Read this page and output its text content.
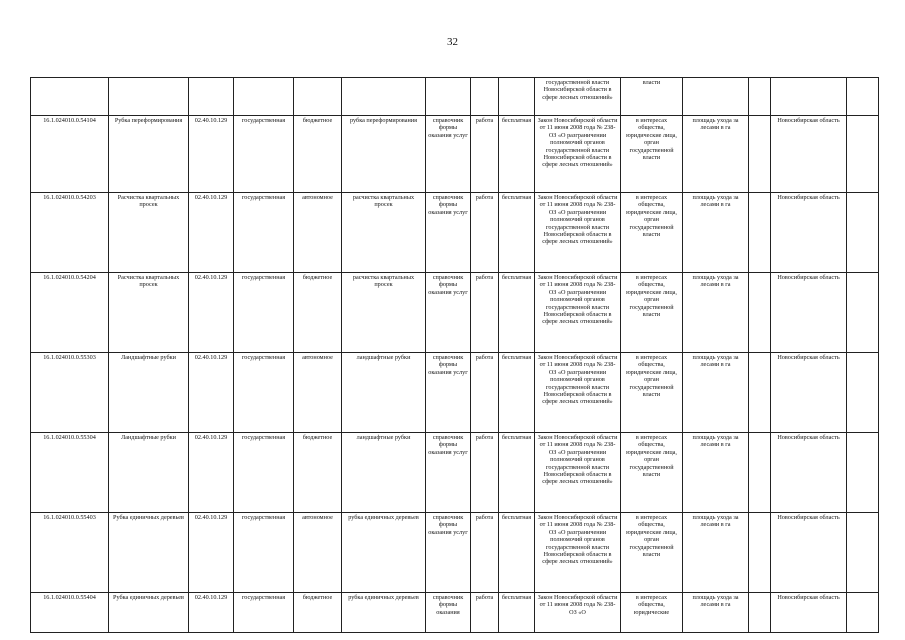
32
									государственной власти Новосибирской области в сфере лесных отношений»	власти				
16.1.024010.0.54104	Рубка переформирования	02.40.10.129	государственная	бюджетное	рубка переформирования	справочник формы оказания услуг	работа	бесплатная	Закон Новосибирской области от 11 июня 2008 года № 238-ОЗ «О разграничении полномочий органов государственной власти Новосибирской области в сфере лесных отношений»	в интересах общества, юридические лица, орган государственной власти	площадь ухода за лесами в га		Новосибирская область	
16.1.024010.0.54203	Расчистка квартальных просек	02.40.10.129	государственная	автономное	расчистка квартальных просек	справочник формы оказания услуг	работа	бесплатная	Закон Новосибирской области от 11 июня 2008 года № 238-ОЗ «О разграничении полномочий органов государственной власти Новосибирской области в сфере лесных отношений»	в интересах общества, юридические лица, орган государственной власти	площадь ухода за лесами в га		Новосибирская область	
16.1.024010.0.54204	Расчистка квартальных просек	02.40.10.129	государственная	бюджетное	расчистка квартальных просек	справочник формы оказания услуг	работа	бесплатная	Закон Новосибирской области от 11 июня 2008 года № 238-ОЗ «О разграничении полномочий органов государственной власти Новосибирской области в сфере лесных отношений»	в интересах общества, юридические лица, орган государственной власти	площадь ухода за лесами в га		Новосибирская область	
16.1.024010.0.55303	Ландшафтные рубки	02.40.10.129	государственная	автономное	ландшафтные рубки	справочник формы оказания услуг	работа	бесплатная	Закон Новосибирской области от 11 июня 2008 года № 238-ОЗ «О разграничении полномочий органов государственной власти Новосибирской области в сфере лесных отношений»	в интересах общества, юридические лица, орган государственной власти	площадь ухода за лесами в га		Новосибирская область	
16.1.024010.0.55304	Ландшафтные рубки	02.40.10.129	государственная	бюджетное	ландшафтные рубки	справочник формы оказания услуг	работа	бесплатная	Закон Новосибирской области от 11 июня 2008 года № 238-ОЗ «О разграничении полномочий органов государственной власти Новосибирской области в сфере лесных отношений»	в интересах общества, юридические лица, орган государственной власти	площадь ухода за лесами в га		Новосибирская область	
16.1.024010.0.55403	Рубка единичных деревьев	02.40.10.129	государственная	автономное	рубка единичных деревьев	справочник формы оказания услуг	работа	бесплатная	Закон Новосибирской области от 11 июня 2008 года № 238-ОЗ «О разграничении полномочий органов государственной власти Новосибирской области в сфере лесных отношений»	в интересах общества, юридические лица, орган государственной власти	площадь ухода за лесами в га		Новосибирская область	
16.1.024010.0.55404	Рубка единичных деревьев	02.40.10.129	государственная	бюджетное	рубка единичных деревьев	справочник формы оказания	работа	бесплатная	Закон Новосибирской области от 11 июня 2008 года № 238-ОЗ «О	в интересах общества, юридические	площадь ухода за лесами в га		Новосибирская область	
